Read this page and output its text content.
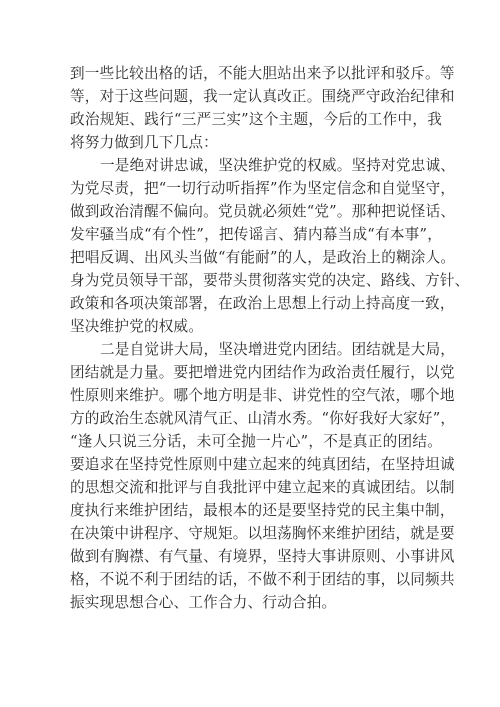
到一些比较出格的话，不能大胆站出来予以批评和驳斥。等
等，对于这些问题，我一定认真改正。围绕严守政治纪律和
政治规矩、践行“三严三实”这个主题，今后的工作中，我
将努力做到几下几点：
一是绝对讲忠诚，坚决维护党的权威。坚持对党忠诚、
为党尽责，把“一切行动听指挥”作为坚定信念和自觉坚守，
做到政治清醒不偏向。党员就必须姓“党”。那种把说怪话、
发牢骚当成“有个性”，把传谣言、猜内幕当成“有本事”，
把唱反调、出风头当做“有能耐”的人，是政治上的糊涂人。
身为党员领导干部，要带头贯彻落实党的决定、路线、方针、
政策和各项决策部署，在政治上思想上行动上持高度一致，
坚决维护党的权威。
二是自觉讲大局，坚决增进党内团结。团结就是大局，
团结就是力量。要把增进党内团结作为政治责任履行，以党
性原则来维护。哪个地方明是非、讲党性的空气浓，哪个地
方的政治生态就风清气正、山清水秀。“你好我好大家好”，
“逢人只说三分话，未可全抛一片心”，不是真正的团结。
要追求在坚持党性原则中建立起来的纯真团结，在坚持坦诚
的思想交流和批评与自我批评中建立起来的真诚团结。以制
度执行来维护团结，最根本的还是要坚持党的民主集中制，
在决策中讲程序、守规矩。以坦荡胸怀来维护团结，就是要
做到有胸襟、有气量、有境界，坚持大事讲原则、小事讲风
格，不说不利于团结的话，不做不利于团结的事，以同频共
振实现思想合心、工作合力、行动合拍。
